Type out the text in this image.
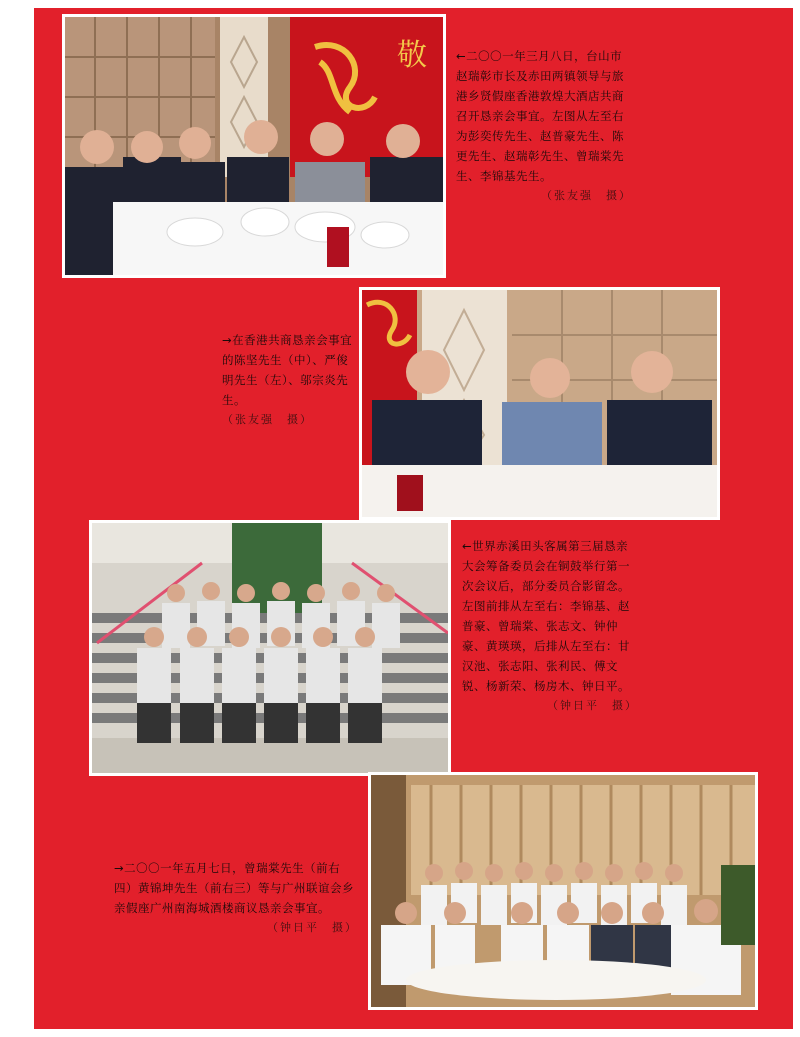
敬	←二〇〇一年三月八日，台山市赵瑞彰市长及赤田两镇领导与旅港乡贤假座香港敦煌大酒店共商召开恳亲会事宜。左图从左至右为彭奕传先生、赵普豪先生、陈更先生、赵瑞彰先生、曾瑞棠先生、李锦基先生。
（张友强　摄）
→在香港共商恳亲会事宜的陈坚先生（中）、严俊明先生（左）、邬宗炎先生。
（张友强　摄）
←世界赤溪田头客属第三届恳亲大会筹备委员会在铜鼓举行第一次会议后，部分委员合影留念。左图前排从左至右：李锦基、赵普豪、曾瑞棠、张志文、钟仲豪、黄瑛瑛，后排从左至右：甘汉池、张志阳、张利民、傅文锐、杨新荣、杨房木、钟日平。
（钟日平　摄）
→二〇〇一年五月七日，曾瑞棠先生（前右四）黄锦坤先生（前右三）等与广州联谊会乡亲假座广州南海城酒楼商议恳亲会事宜。
（钟日平　摄）
